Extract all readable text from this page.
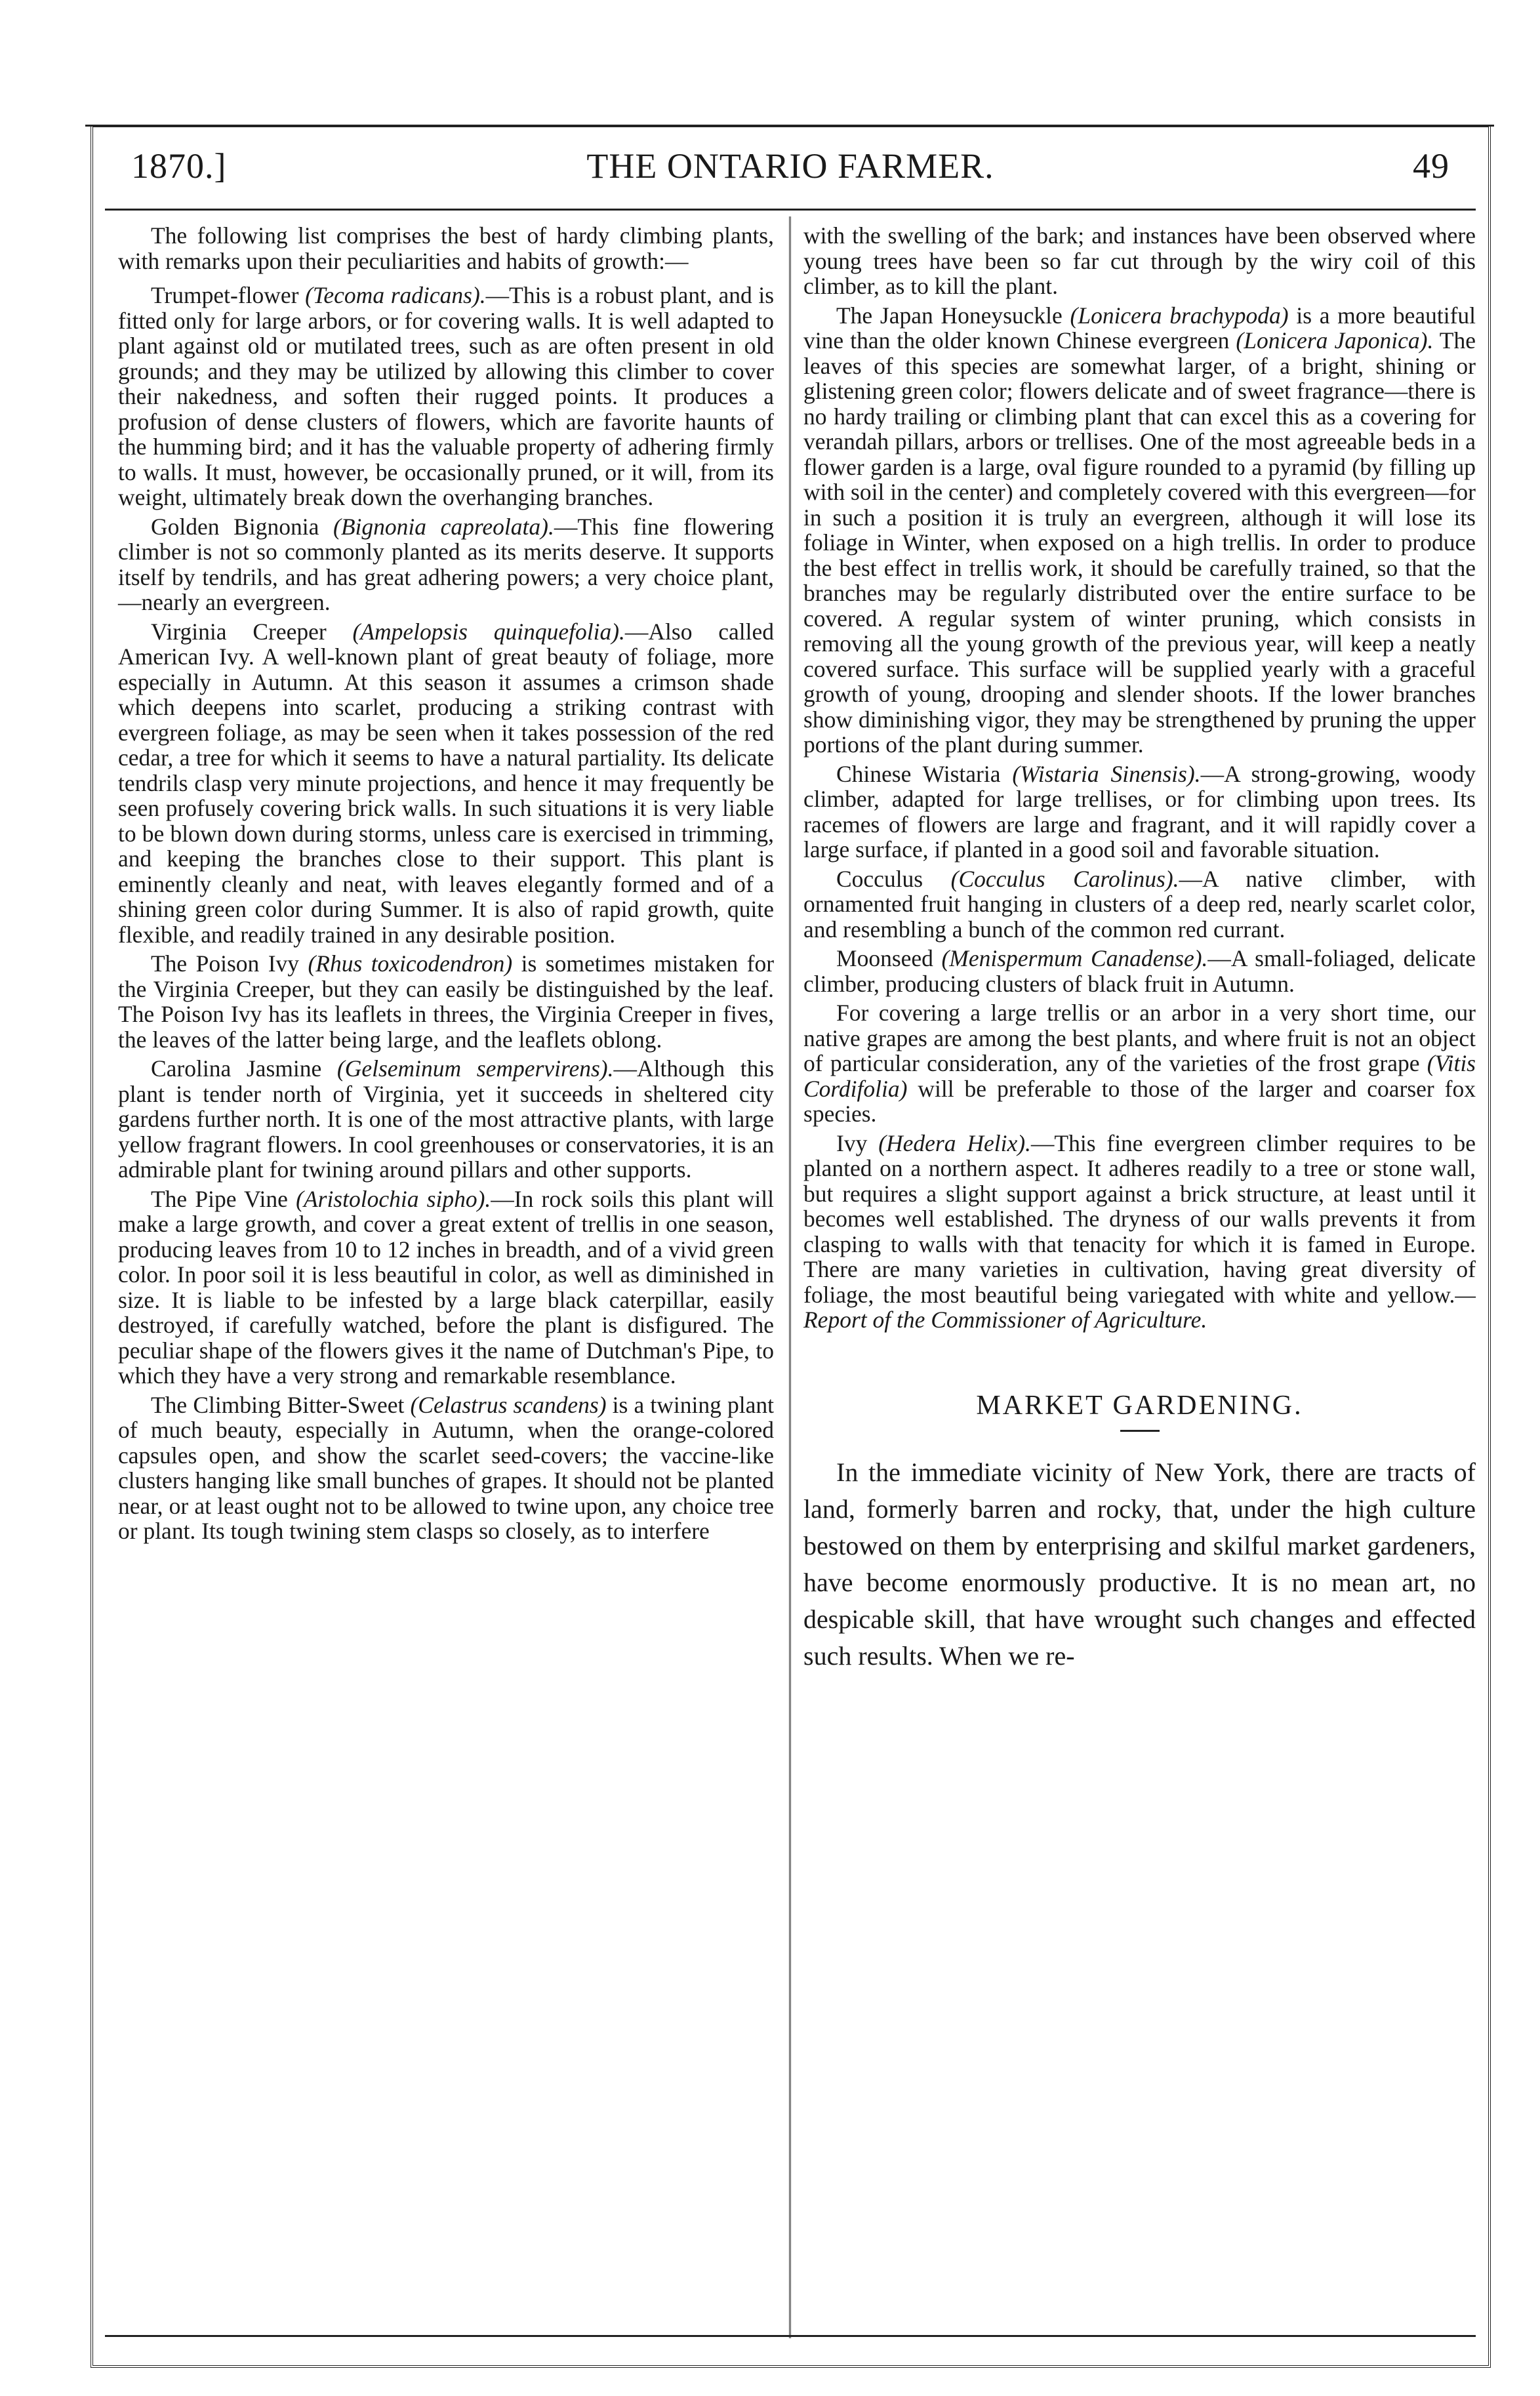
1870.]	THE ONTARIO FARMER.	49

The following list comprises the best of hardy climbing plants, with remarks upon their peculiarities and habits of growth:—

Trumpet-flower (Tecoma radicans).—This is a robust plant, and is fitted only for large arbors, or for covering walls. It is well adapted to plant against old or mutilated trees, such as are often present in old grounds; and they may be utilized by allowing this climber to cover their nakedness, and soften their rugged points. It produces a profusion of dense clusters of flowers, which are favorite haunts of the humming bird; and it has the valuable property of adhering firmly to walls. It must, however, be occasionally pruned, or it will, from its weight, ultimately break down the overhanging branches.

Golden Bignonia (Bignonia capreolata).—This fine flowering climber is not so commonly planted as its merits deserve. It supports itself by tendrils, and has great adhering powers; a very choice plant,—nearly an evergreen.

Virginia Creeper (Ampelopsis quinquefolia).—Also called American Ivy. A well-known plant of great beauty of foliage, more especially in Autumn. At this season it assumes a crimson shade which deepens into scarlet, producing a striking contrast with evergreen foliage, as may be seen when it takes possession of the red cedar, a tree for which it seems to have a natural partiality. Its delicate tendrils clasp very minute projections, and hence it may frequently be seen profusely covering brick walls. In such situations it is very liable to be blown down during storms, unless care is exercised in trimming, and keeping the branches close to their support. This plant is eminently cleanly and neat, with leaves elegantly formed and of a shining green color during Summer. It is also of rapid growth, quite flexible, and readily trained in any desirable position.

The Poison Ivy (Rhus toxicodendron) is sometimes mistaken for the Virginia Creeper, but they can easily be distinguished by the leaf. The Poison Ivy has its leaflets in threes, the Virginia Creeper in fives, the leaves of the latter being large, and the leaflets oblong.

Carolina Jasmine (Gelseminum sempervirens).—Although this plant is tender north of Virginia, yet it succeeds in sheltered city gardens further north. It is one of the most attractive plants, with large yellow fragrant flowers. In cool greenhouses or conservatories, it is an admirable plant for twining around pillars and other supports.

The Pipe Vine (Aristolochia sipho).—In rock soils this plant will make a large growth, and cover a great extent of trellis in one season, producing leaves from 10 to 12 inches in breadth, and of a vivid green color. In poor soil it is less beautiful in color, as well as diminished in size. It is liable to be infested by a large black caterpillar, easily destroyed, if carefully watched, before the plant is disfigured. The peculiar shape of the flowers gives it the name of Dutchman's Pipe, to which they have a very strong and remarkable resemblance.

The Climbing Bitter-Sweet (Celastrus scandens) is a twining plant of much beauty, especially in Autumn, when the orange-colored capsules open, and show the scarlet seed-covers; the vaccine-like clusters hanging like small bunches of grapes. It should not be planted near, or at least ought not to be allowed to twine upon, any choice tree or plant. Its tough twining stem clasps so closely, as to interfere

with the swelling of the bark; and instances have been observed where young trees have been so far cut through by the wiry coil of this climber, as to kill the plant.

The Japan Honeysuckle (Lonicera brachypoda) is a more beautiful vine than the older known Chinese evergreen (Lonicera Japonica). The leaves of this species are somewhat larger, of a bright, shining or glistening green color; flowers delicate and of sweet fragrance—there is no hardy trailing or climbing plant that can excel this as a covering for verandah pillars, arbors or trellises. One of the most agreeable beds in a flower garden is a large, oval figure rounded to a pyramid (by filling up with soil in the center) and completely covered with this evergreen—for in such a position it is truly an evergreen, although it will lose its foliage in Winter, when exposed on a high trellis. In order to produce the best effect in trellis work, it should be carefully trained, so that the branches may be regularly distributed over the entire surface to be covered. A regular system of winter pruning, which consists in removing all the young growth of the previous year, will keep a neatly covered surface. This surface will be supplied yearly with a graceful growth of young, drooping and slender shoots. If the lower branches show diminishing vigor, they may be strengthened by pruning the upper portions of the plant during summer.

Chinese Wistaria (Wistaria Sinensis).—A strong-growing, woody climber, adapted for large trellises, or for climbing upon trees. Its racemes of flowers are large and fragrant, and it will rapidly cover a large surface, if planted in a good soil and favorable situation.

Cocculus (Cocculus Carolinus).—A native climber, with ornamented fruit hanging in clusters of a deep red, nearly scarlet color, and resembling a bunch of the common red currant.

Moonseed (Menispermum Canadense).—A small-foliaged, delicate climber, producing clusters of black fruit in Autumn.

For covering a large trellis or an arbor in a very short time, our native grapes are among the best plants, and where fruit is not an object of particular consideration, any of the varieties of the frost grape (Vitis Cordifolia) will be preferable to those of the larger and coarser fox species.

Ivy (Hedera Helix).—This fine evergreen climber requires to be planted on a northern aspect. It adheres readily to a tree or stone wall, but requires a slight support against a brick structure, at least until it becomes well established. The dryness of our walls prevents it from clasping to walls with that tenacity for which it is famed in Europe. There are many varieties in cultivation, having great diversity of foliage, the most beautiful being variegated with white and yellow.—Report of the Commissioner of Agriculture.

MARKET GARDENING.

In the immediate vicinity of New York, there are tracts of land, formerly barren and rocky, that, under the high culture bestowed on them by enterprising and skilful market gardeners, have become enormously productive. It is no mean art, no despicable skill, that have wrought such changes and effected such results. When we re-
